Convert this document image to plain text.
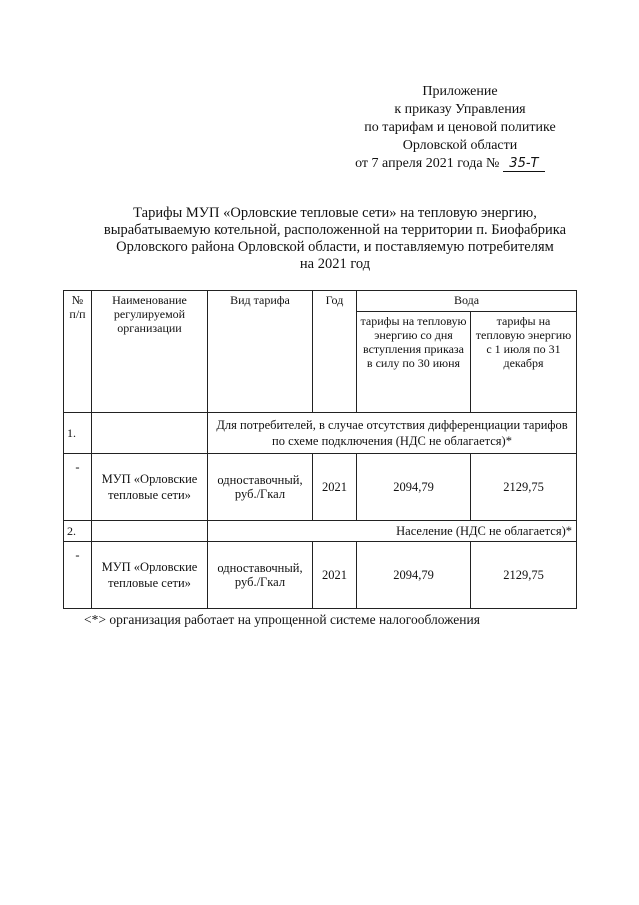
Приложение
к приказу Управления
по тарифам и ценовой политике
Орловской области
от 7 апреля 2021 года № 35-Т
Тарифы МУП «Орловские тепловые сети» на тепловую энергию,
вырабатываемую котельной, расположенной на территории п. Биофабрика
Орловского района Орловской области, и поставляемую потребителям
на 2021 год
№ п/п	Наименование регулируемой организации	Вид тарифа	Год	Вода	
				тарифы на тепловую энергию со дня вступления приказа в силу по 30 июня	тарифы на тепловую энергию с 1 июля по 31 декабря
1.		Для потребителей, в случае отсутствия дифференциации тарифов по схеме подключения (НДС не облагается)*			
-	МУП «Орловские тепловые сети»	одноставочный, руб./Гкал	2021	2094,79	2129,75
2.		Население (НДС не облагается)*			
-	МУП «Орловские тепловые сети»	одноставочный, руб./Гкал	2021	2094,79	2129,75
<*> организация работает на упрощенной системе налогообложения
